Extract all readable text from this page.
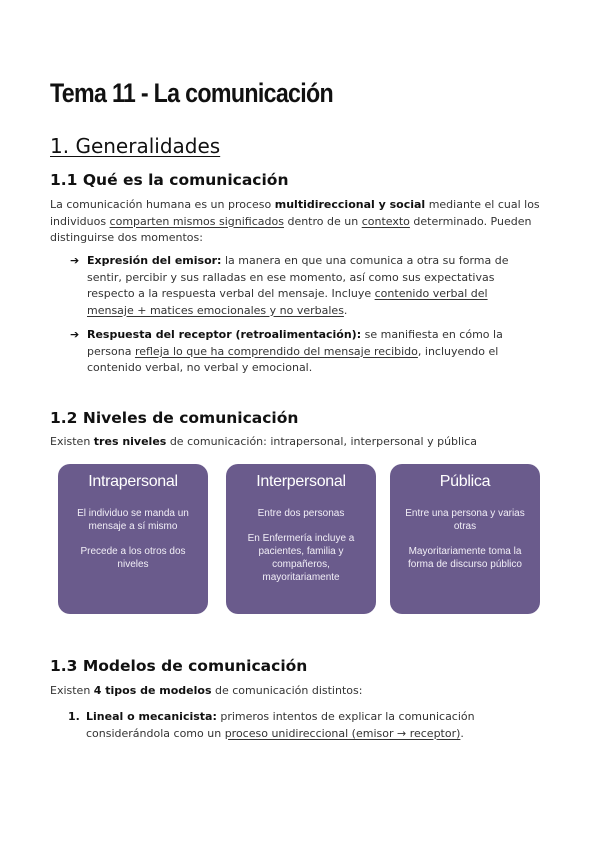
Tema 11 - La comunicación
1. Generalidades
1.1 Qué es la comunicación

La comunicación humana es un proceso multidireccional y social mediante el cual los individuos comparten mismos significados dentro de un contexto determinado. Pueden distinguirse dos momentos:

➔ Expresión del emisor: la manera en que una comunica a otra su forma de sentir, percibir y sus ralladas en ese momento, así como sus expectativas respecto a la respuesta verbal del mensaje. Incluye contenido verbal del mensaje + matices emocionales y no verbales.
➔ Respuesta del receptor (retroalimentación): se manifiesta en cómo la persona refleja lo que ha comprendido del mensaje recibido, incluyendo el contenido verbal, no verbal y emocional.
1.2 Niveles de comunicación

Existen tres niveles de comunicación: intrapersonal, interpersonal y pública

Intrapersonal
El individuo se manda un mensaje a sí mismo
Precede a los otros dos niveles
Interpersonal
Entre dos personas
En Enfermería incluye a pacientes, familia y compañeros, mayoritariamente
Pública
Entre una persona y varias otras
Mayoritariamente toma la forma de discurso público
1.3 Modelos de comunicación

Existen 4 tipos de modelos de comunicación distintos:

1. Lineal o mecanicista: primeros intentos de explicar la comunicación considerándola como un proceso unidireccional (emisor → receptor).
